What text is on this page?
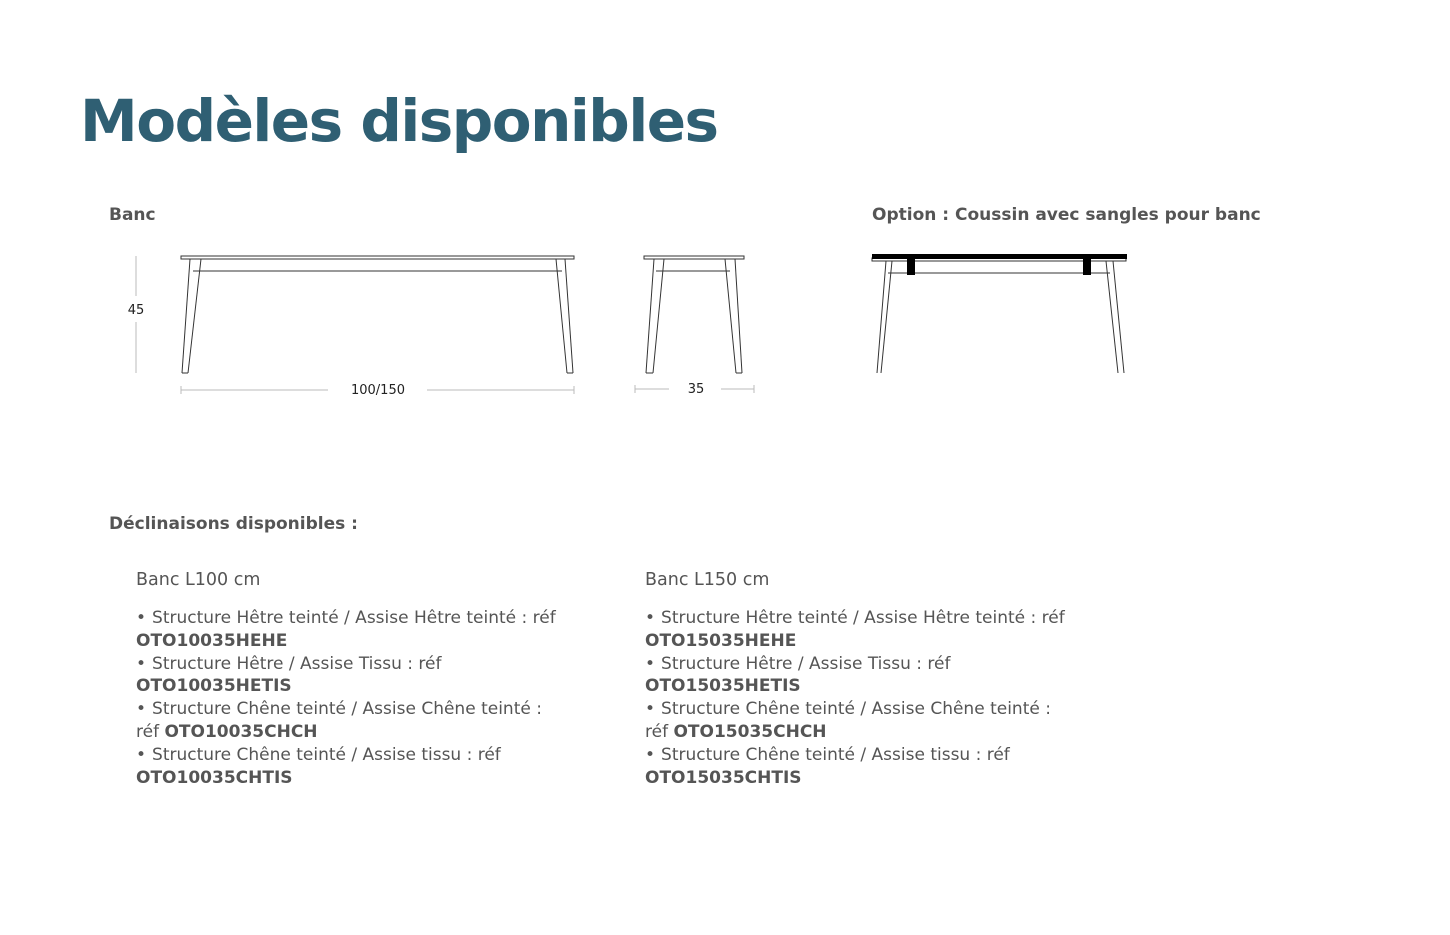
Modèles disponibles
Banc
45
100/150	35
Option : Coussin avec sangles pour banc
Déclinaisons disponibles :

Banc L100 cm

• Structure Hêtre teinté / Assise Hêtre teinté : réf OTO10035HEHE
• Structure Hêtre / Assise Tissu : réf OTO10035HETIS
• Structure Chêne teinté / Assise Chêne teinté : réf OTO10035CHCH
• Structure Chêne teinté / Assise tissu : réf OTO10035CHTIS

Banc L150 cm

• Structure Hêtre teinté / Assise Hêtre teinté : réf OTO15035HEHE
• Structure Hêtre / Assise Tissu : réf OTO15035HETIS
• Structure Chêne teinté / Assise Chêne teinté : réf OTO15035CHCH
• Structure Chêne teinté / Assise tissu : réf OTO15035CHTIS
